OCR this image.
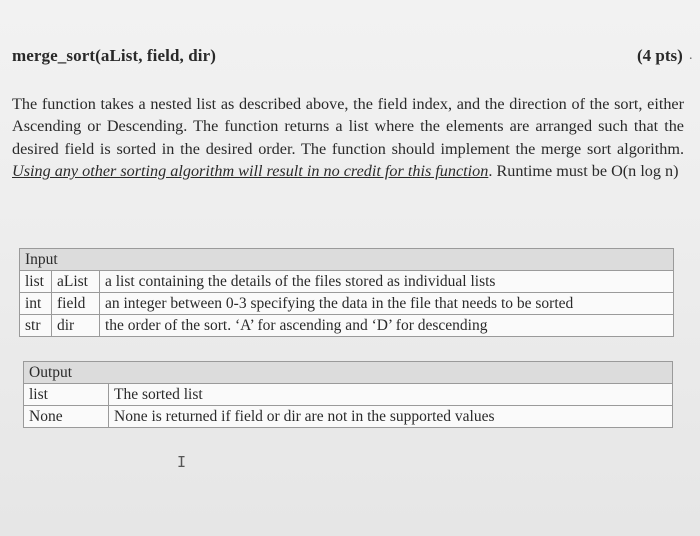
merge_sort(aList, field, dir)	(4 pts) .
The function takes a nested list as described above, the field index, and the direction of the sort, either Ascending or Descending. The function returns a list where the elements are arranged such that the desired field is sorted in the desired order. The function should implement the merge sort algorithm. Using any other sorting algorithm will result in no credit for this function. Runtime must be O(n log n)
Input		
list	aList	a list containing the details of the files stored as individual lists
int	field	an integer between 0-3 specifying the data in the file that needs to be sorted
str	dir	the order of the sort. ‘A’ for ascending and ‘D’ for descending
Output	
list	The sorted list
None	None is returned if field or dir are not in the supported values
I
